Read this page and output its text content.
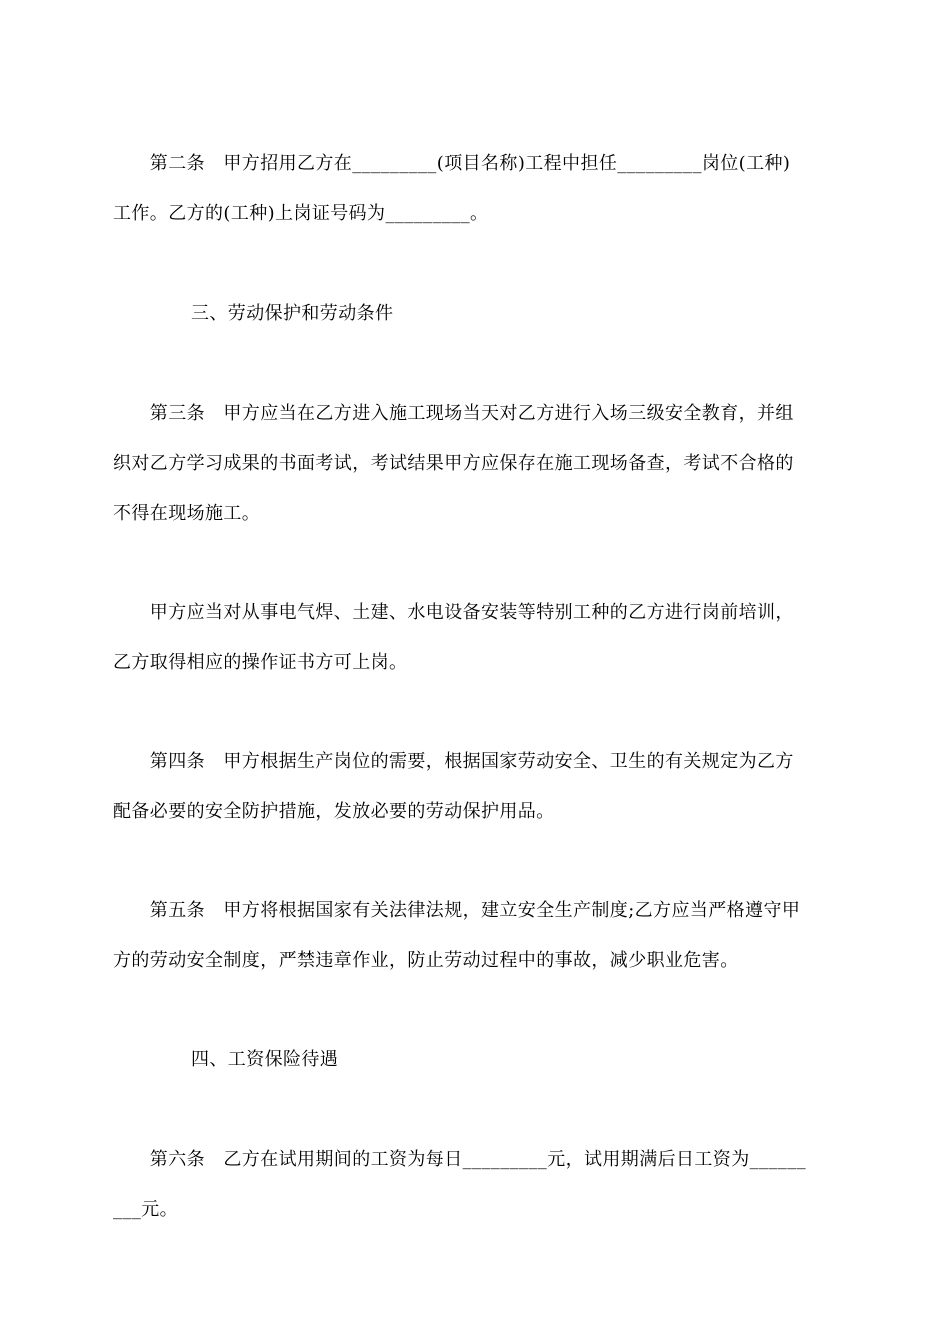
　　第二条　甲方招用乙方在_________(项目名称)工程中担任_________岗位(工种)
工作。乙方的(工种)上岗证号码为_________。
三、劳动保护和劳动条件
　　第三条　甲方应当在乙方进入施工现场当天对乙方进行入场三级安全教育，并组
织对乙方学习成果的书面考试，考试结果甲方应保存在施工现场备查，考试不合格的
不得在现场施工。
　　甲方应当对从事电气焊、土建、水电设备安装等特别工种的乙方进行岗前培训，
乙方取得相应的操作证书方可上岗。
　　第四条　甲方根据生产岗位的需要，根据国家劳动安全、卫生的有关规定为乙方
配备必要的安全防护措施，发放必要的劳动保护用品。
　　第五条　甲方将根据国家有关法律法规，建立安全生产制度;乙方应当严格遵守甲
方的劳动安全制度，严禁违章作业，防止劳动过程中的事故，减少职业危害。
四、工资保险待遇
　　第六条　乙方在试用期间的工资为每日_________元，试用期满后日工资为______
___元。
